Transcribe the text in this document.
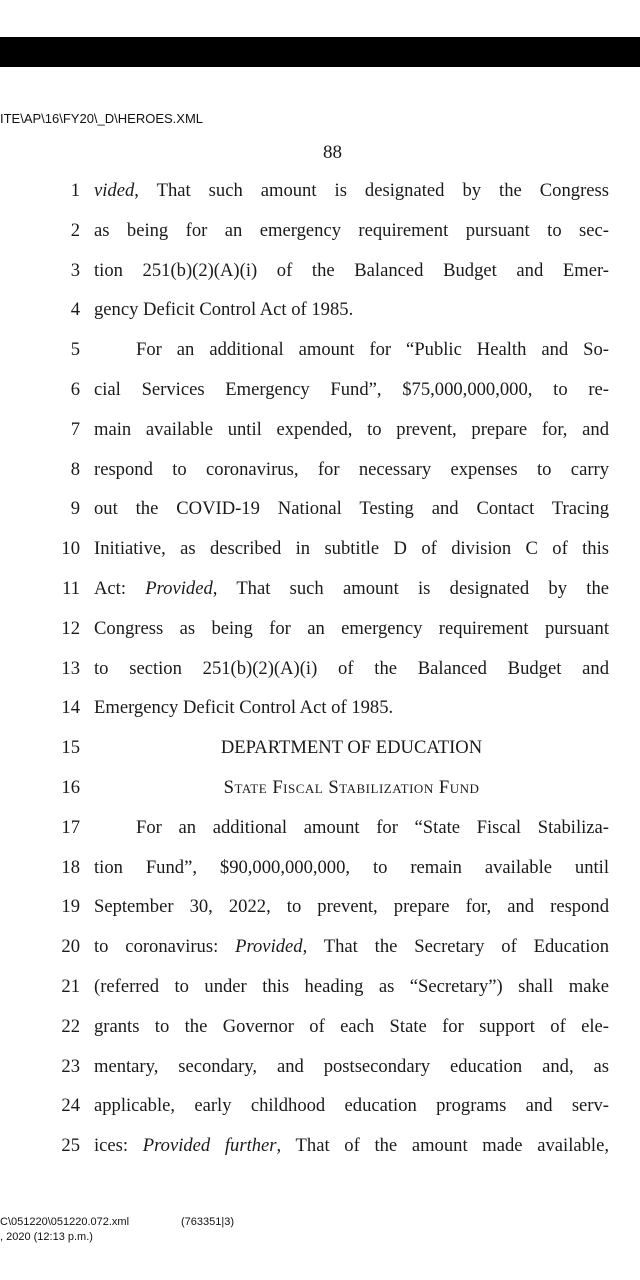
ITE\AP\16\FY20\_D\HEROES.XML
88
1 vided, That such amount is designated by the Congress
2 as being for an emergency requirement pursuant to sec-
3 tion 251(b)(2)(A)(i) of the Balanced Budget and Emer-
4 gency Deficit Control Act of 1985.
5	For an additional amount for “Public Health and So-
6 cial Services Emergency Fund”, $75,000,000,000, to re-
7 main available until expended, to prevent, prepare for, and
8 respond to coronavirus, for necessary expenses to carry
9 out the COVID-19 National Testing and Contact Tracing
10 Initiative, as described in subtitle D of division C of this
11 Act: Provided, That such amount is designated by the
12 Congress as being for an emergency requirement pursuant
13 to section 251(b)(2)(A)(i) of the Balanced Budget and
14 Emergency Deficit Control Act of 1985.
15	DEPARTMENT OF EDUCATION
16	State Fiscal Stabilization Fund
17	For an additional amount for “State Fiscal Stabiliza-
18 tion Fund”, $90,000,000,000, to remain available until
19 September 30, 2022, to prevent, prepare for, and respond
20 to coronavirus: Provided, That the Secretary of Education
21 (referred to under this heading as “Secretary”) shall make
22 grants to the Governor of each State for support of ele-
23 mentary, secondary, and postsecondary education and, as
24 applicable, early childhood education programs and serv-
25 ices: Provided further, That of the amount made available,
C\051220\051220.072.xml	(763351|3)
, 2020 (12:13 p.m.)
